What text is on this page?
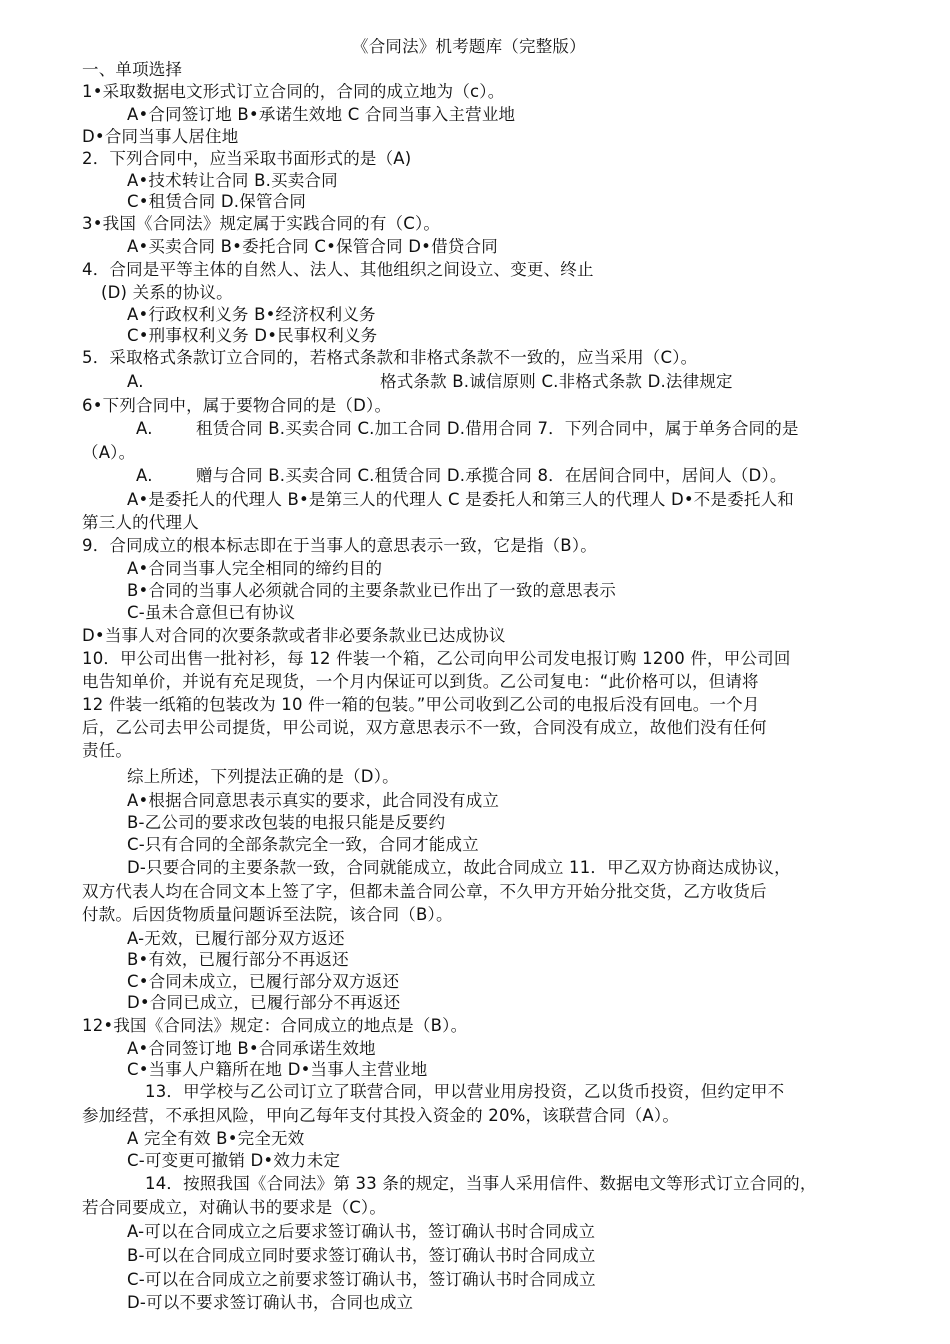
《合同法》机考题库（完整版）
一、单项选择
1•采取数据电文形式订立合同的，合同的成立地为（c）。
A•合同签订地 B•承诺生效地 C 合同当事入主营业地
D•合同当事人居住地
2．下列合同中，应当采取书面形式的是（A)
A•技术转让合同 B.买卖合同
C•租赁合同 D.保管合同
3•我国《合同法》规定属于实践合同的有（C）。
A•买卖合同 B•委托合同 C•保管合同 D•借贷合同
4．合同是平等主体的自然人、法人、其他组织之间设立、变更、终止
(D) 关系的协议。
A•行政权利义务 B•经济权利义务
C•刑事权利义务 D•民事权利义务
5．采取格式条款订立合同的，若格式条款和非格式条款不一致的，应当采用（C）。
A.	格式条款 B.诚信原则 C.非格式条款 D.法律规定
6•下列合同中，属于要物合同的是（D）。
A.	租赁合同 B.买卖合同 C.加工合同 D.借用合同 7．下列合同中，属于单务合同的是
（A）。
A.	赠与合同 B.买卖合同 C.租赁合同 D.承揽合同 8．在居间合同中，居间人（D）。
A•是委托人的代理人 B•是第三人的代理人 C 是委托人和第三人的代理人 D•不是委托人和
第三人的代理人
9．合同成立的根本标志即在于当事人的意思表示一致，它是指（B）。
A•合同当事人完全相同的缔约目的
B•合同的当事人必须就合同的主要条款业已作出了一致的意思表示
C-虽未合意但已有协议
D•当事人对合同的次要条款或者非必要条款业已达成协议
10．甲公司出售一批衬衫，每 12 件装一个箱，乙公司向甲公司发电报订购 1200 件，甲公司回
电告知单价，并说有充足现货，一个月内保证可以到货。乙公司复电：“此价格可以，但请将
12 件装一纸箱的包装改为 10 件一箱的包装。”甲公司收到乙公司的电报后没有回电。一个月
后，乙公司去甲公司提货，甲公司说，双方意思表示不一致，合同没有成立，故他们没有任何
责任。
综上所述，下列提法正确的是（D）。
A•根据合同意思表示真实的要求，此合同没有成立
B-乙公司的要求改包装的电报只能是反要约
C-只有合同的全部条款完全一致，合同才能成立
D-只要合同的主要条款一致，合同就能成立，故此合同成立 11．甲乙双方协商达成协议，
双方代表人均在合同文本上签了字，但都未盖合同公章，不久甲方开始分批交货，乙方收货后
付款。后因货物质量问题诉至法院，该合同（B）。
A-无效，已履行部分双方返还
B•有效，已履行部分不再返还
C•合同未成立，已履行部分双方返还
D•合同已成立，已履行部分不再返还
12•我国《合同法》规定：合同成立的地点是（B）。
A•合同签订地 B•合同承诺生效地
C•当事人户籍所在地 D•当事人主营业地
13．甲学校与乙公司订立了联营合同，甲以营业用房投资，乙以货币投资，但约定甲不
参加经营，不承担风险，甲向乙每年支付其投入资金的 20%，该联营合同（A）。
A 完全有效 B•完全无效
C-可变更可撤销 D•效力未定
14．按照我国《合同法》第 33 条的规定，当事人采用信件、数据电文等形式订立合同的，
若合同要成立，对确认书的要求是（C）。
A-可以在合同成立之后要求签订确认书，签订确认书时合同成立
B-可以在合同成立同时要求签订确认书，签订确认书时合同成立
C-可以在合同成立之前要求签订确认书，签订确认书时合同成立
D-可以不要求签订确认书，合同也成立
